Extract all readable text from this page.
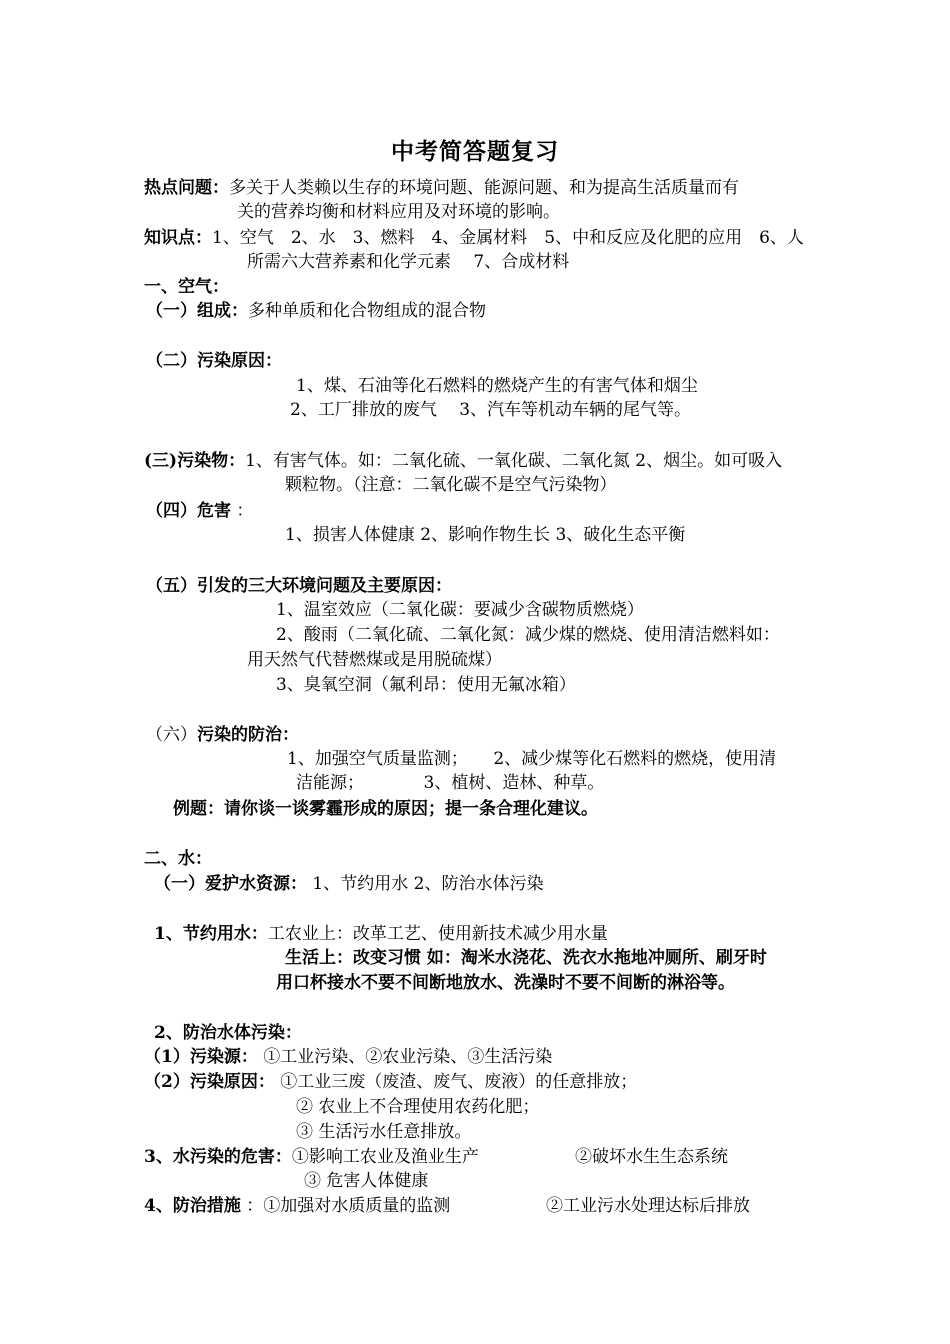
中考简答题复习
热点问题：多关于人类赖以生存的环境问题、能源问题、和为提高生活质量而有
关的营养均衡和材料应用及对环境的影响。
知识点：1、空气　2、水　3、燃料　4、金属材料　5、中和反应及化肥的应用　6、人
所需六大营养素和化学元素　 7、合成材料
一、空气：
（一）组成：多种单质和化合物组成的混合物
（二）污染原因：
1、煤、石油等化石燃料的燃烧产生的有害气体和烟尘
2、工厂排放的废气　 3、汽车等机动车辆的尾气等。
(三)污染物：1、有害气体。如：二氧化硫、一氧化碳、二氧化氮 2、烟尘。如可吸入
颗粒物。（注意：二氧化碳不是空气污染物）
（四）危害 ：
1、损害人体健康 2、影响作物生长 3、破化生态平衡
（五）引发的三大环境问题及主要原因：
1、温室效应（二氧化碳：要减少含碳物质燃烧）
2、酸雨（二氧化硫、二氧化氮：减少煤的燃烧、使用清洁燃料如：
用天然气代替燃煤或是用脱硫煤）
3、臭氧空洞（氟利昂：使用无氟冰箱）
（六）污染的防治：
1、加强空气质量监测；　　2、减少煤等化石燃料的燃烧，使用清
洁能源；　　　　3、植树、造林、种草。
例题：请你谈一谈雾霾形成的原因；提一条合理化建议。
二、水：
（一）爱护水资源： 1、节约用水 2、防治水体污染
1、节约用水：工农业上：改革工艺、使用新技术减少用水量
生活上：改变习惯 如：淘米水浇花、洗衣水拖地冲厕所、刷牙时
用口杯接水不要不间断地放水、洗澡时不要不间断的淋浴等。
2、防治水体污染：
（1）污染源： ①工业污染、②农业污染、③生活污染
（2）污染原因： ①工业三废（废渣、废气、废液）的任意排放；
② 农业上不合理使用农药化肥；
③ 生活污水任意排放。
3、水污染的危害：①影响工农业及渔业生产	②破坏水生生态系统
③ 危害人体健康
4、防治措施 ：①加强对水质质量的监测	②工业污水处理达标后排放
